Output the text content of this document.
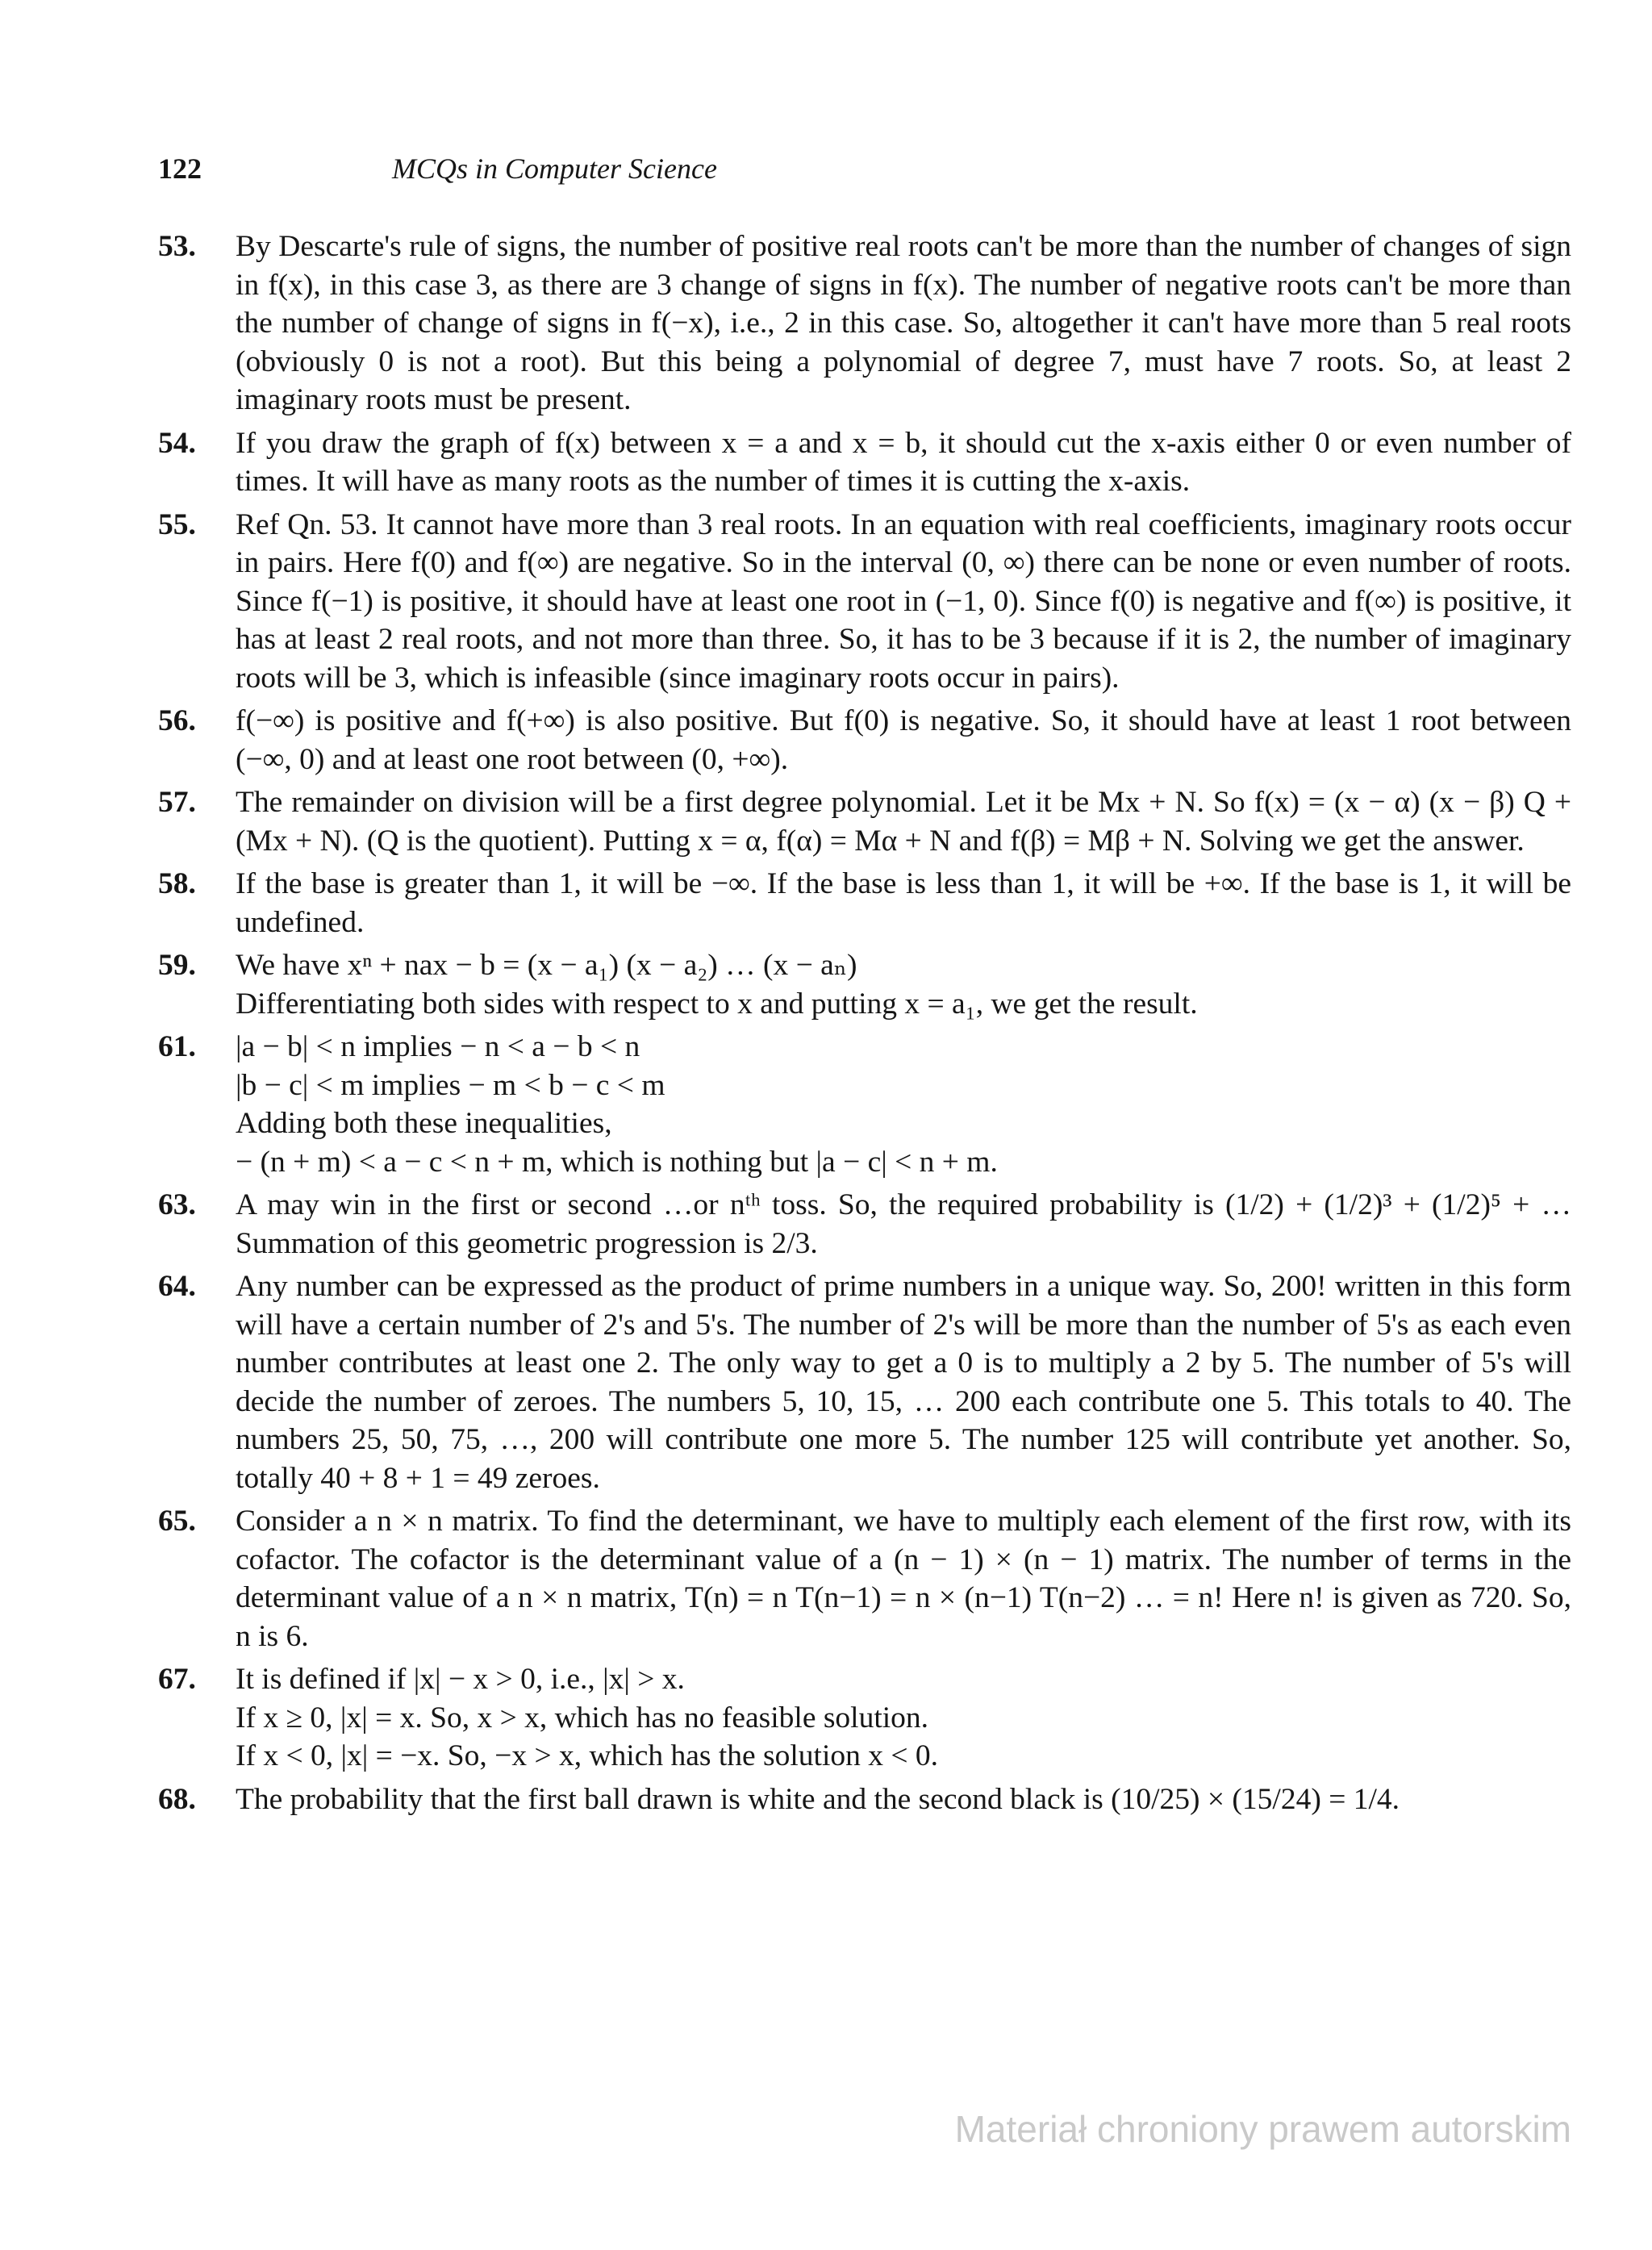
122	MCQs in Computer Science
53. By Descarte's rule of signs, the number of positive real roots can't be more than the number of changes of sign in f(x), in this case 3, as there are 3 change of signs in f(x). The number of negative roots can't be more than the number of change of signs in f(−x), i.e., 2 in this case. So, altogether it can't have more than 5 real roots (obviously 0 is not a root). But this being a polynomial of degree 7, must have 7 roots. So, at least 2 imaginary roots must be present.

54. If you draw the graph of f(x) between x = a and x = b, it should cut the x-axis either 0 or even number of times. It will have as many roots as the number of times it is cutting the x-axis.

55. Ref Qn. 53. It cannot have more than 3 real roots. In an equation with real coefficients, imaginary roots occur in pairs. Here f(0) and f(∞) are negative. So in the interval (0, ∞) there can be none or even number of roots. Since f(−1) is positive, it should have at least one root in (−1, 0). Since f(0) is negative and f(∞) is positive, it has at least 2 real roots, and not more than three. So, it has to be 3 because if it is 2, the number of imaginary roots will be 3, which is infeasible (since imaginary roots occur in pairs).

56. f(−∞) is positive and f(+∞) is also positive. But f(0) is negative. So, it should have at least 1 root between (−∞, 0) and at least one root between (0, +∞).

57. The remainder on division will be a first degree polynomial. Let it be Mx + N. So f(x) = (x − α) (x − β) Q + (Mx + N). (Q is the quotient). Putting x = α, f(α) = Mα + N and f(β) = Mβ + N. Solving we get the answer.

58. If the base is greater than 1, it will be −∞. If the base is less than 1, it will be +∞. If the base is 1, it will be undefined.

59. We have xⁿ + nax − b = (x − a₁) (x − a₂) … (x − aₙ)
Differentiating both sides with respect to x and putting x = a₁, we get the result.

61. |a − b| < n implies − n < a − b < n
|b − c| < m implies − m < b − c < m
Adding both these inequalities,
− (n + m) < a − c < n + m, which is nothing but |a − c| < n + m.

63. A may win in the first or second …or nᵗʰ toss. So, the required probability is (1/2) + (1/2)³ + (1/2)⁵ + … Summation of this geometric progression is 2/3.

64. Any number can be expressed as the product of prime numbers in a unique way. So, 200! written in this form will have a certain number of 2's and 5's. The number of 2's will be more than the number of 5's as each even number contributes at least one 2. The only way to get a 0 is to multiply a 2 by 5. The number of 5's will decide the number of zeroes. The numbers 5, 10, 15, … 200 each contribute one 5. This totals to 40. The numbers 25, 50, 75, …, 200 will contribute one more 5. The number 125 will contribute yet another. So, totally 40 + 8 + 1 = 49 zeroes.

65. Consider a n × n matrix. To find the determinant, we have to multiply each element of the first row, with its cofactor. The cofactor is the determinant value of a (n − 1) × (n − 1) matrix. The number of terms in the determinant value of a n × n matrix, T(n) = n T(n−1) = n × (n−1) T(n−2) … = n! Here n! is given as 720. So, n is 6.

67. It is defined if |x| − x > 0, i.e., |x| > x.
If x ≥ 0, |x| = x. So, x > x, which has no feasible solution.
If x < 0, |x| = −x. So, −x > x, which has the solution x < 0.

68. The probability that the first ball drawn is white and the second black is (10/25) × (15/24) = 1/4.

Materiał chroniony prawem autorskim
